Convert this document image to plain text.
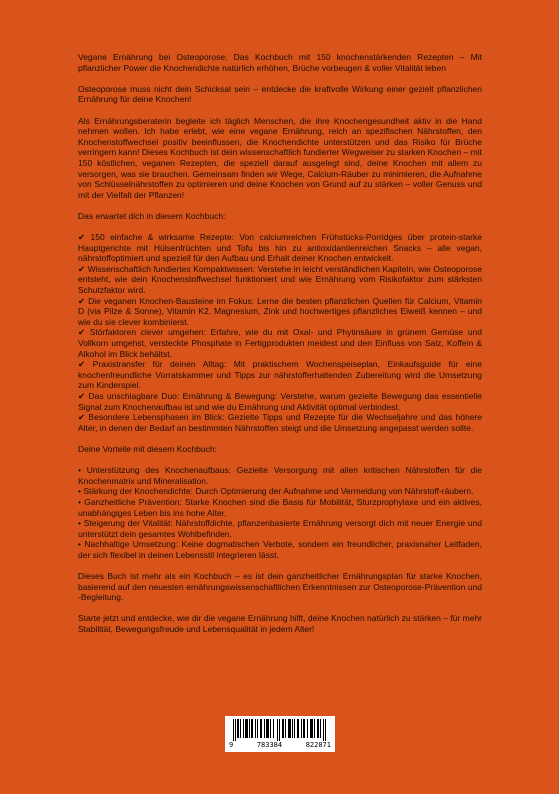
Vegane Ernährung bei Osteoporose: Das Kochbuch mit 150 knochenstärkenden Rezepten – Mit pflanzlicher Power die Knochendichte natürlich erhöhen, Brüche vorbeugen & voller Vitalität leben

Osteoporose muss nicht dein Schicksal sein – entdecke die kraftvolle Wirkung einer gezielt pflanzlichen Ernährung für deine Knochen!

Als Ernährungsberaterin begleite ich täglich Menschen, die ihre Knochengesundheit aktiv in die Hand nehmen wollen. Ich habe erlebt, wie eine vegane Ernährung, reich an spezifischen Nährstoffen, den Knochenstoffwechsel positiv beeinflussen, die Knochendichte unterstützen und das Risiko für Brüche verringern kann! Dieses Kochbuch ist dein wissenschaftlich fundierter Wegweiser zu starken Knochen – mit 150 köstlichen, veganen Rezepten, die speziell darauf ausgelegt sind, deine Knochen mit allem zu versorgen, was sie brauchen. Gemeinsam finden wir Wege, Calcium-Räuber zu minimieren, die Aufnahme von Schlüsselnährstoffen zu optimieren und deine Knochen von Grund auf zu stärken – voller Genuss und mit der Vielfalt der Pflanzen!

Das erwartet dich in diesem Kochbuch:

✔ 150 einfache & wirksame Rezepte: Von calciumreichen Frühstücks-Porridges über protein-starke Hauptgerichte mit Hülsenfrüchten und Tofu bis hin zu antioxidantienreichen Snacks – alle vegan, nährstoffoptimiert und speziell für den Aufbau und Erhalt deiner Knochen entwickelt.
✔ Wissenschaftlich fundiertes Kompaktwissen: Verstehe in leicht verständlichen Kapiteln, wie Osteoporose entsteht, wie dein Knochenstoffwechsel funktioniert und wie Ernährung vom Risikofaktor zum stärksten Schutzfaktor wird.
✔ Die veganen Knochen-Bausteine im Fokus: Lerne die besten pflanzlichen Quellen für Calcium, Vitamin D (via Pilze & Sonne), Vitamin K2, Magnesium, Zink und hochwertiges pflanzliches Eiweiß kennen – und wie du sie clever kombinierst.
✔ Störfaktoren clever umgehen: Erfahre, wie du mit Oxal- und Phytinsäure in grünem Gemüse und Vollkorn umgehst, versteckte Phosphate in Fertigprodukten meidest und den Einfluss von Salz, Koffein & Alkohol im Blick behältst.
✔ Praxistransfer für deinen Alltag: Mit praktischem Wochenspeiseplan, Einkaufsguide für eine knochenfreundliche Vorratskammer und Tipps zur nährstofferhaltenden Zubereitung wird die Umsetzung zum Kinderspiel.
✔ Das unschlagbare Duo: Ernährung & Bewegung: Verstehe, warum gezielte Bewegung das essentielle Signal zum Knochenaufbau ist und wie du Ernährung und Aktivität optimal verbindest.
✔ Besondere Lebensphasen im Blick: Gezielte Tipps und Rezepte für die Wechseljahre und das höhere Alter, in denen der Bedarf an bestimmten Nährstoffen steigt und die Umsetzung angepasst werden sollte.

Deine Vorteile mit diesem Kochbuch:

• Unterstützung des Knochenaufbaus: Gezielte Versorgung mit allen kritischen Nährstoffen für die Knochenmatrix und Mineralisation.
• Stärkung der Knochendichte: Durch Optimierung der Aufnahme und Vermeidung von Nährstoff-räubern.
• Ganzheitliche Prävention: Starke Knochen sind die Basis für Mobilität, Sturzprophylaxe und ein aktives, unabhängiges Leben bis ins hohe Alter.
• Steigerung der Vitalität: Nährstoffdichte, pflanzenbasierte Ernährung versorgt dich mit neuer Energie und unterstützt dein gesamtes Wohlbefinden.
• Nachhaltige Umsetzung: Keine dogmatischen Verbote, sondern ein freundlicher, praxisnaher Leitfaden, der sich flexibel in deinen Lebensstil integrieren lässt.

Dieses Buch ist mehr als ein Kochbuch – es ist dein ganzheitlicher Ernährungsplan für starke Knochen, basierend auf den neuesten ernährungswissenschaftlichen Erkenntnissen zur Osteoporose-Prävention und -Begleitung.

Starte jetzt und entdecke, wie dir die vegane Ernährung hilft, deine Knochen natürlich zu stärken – für mehr Stabilität, Bewegungsfreude und Lebensqualität in jedem Alter!

9	783384	822871
